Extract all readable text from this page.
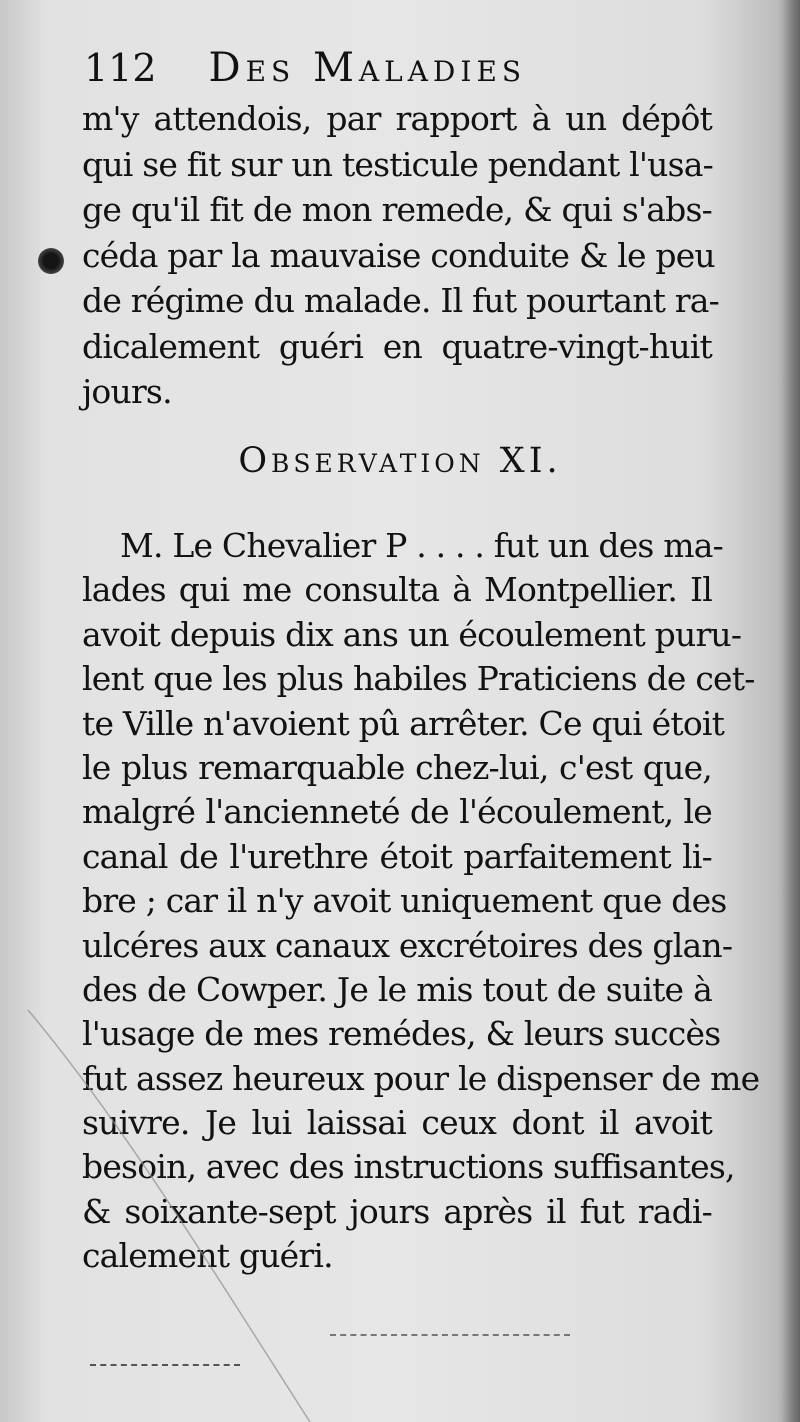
112 Des Maladies
m'y attendois, par rapport à un dépôt
qui se fit sur un testicule pendant l'usa-
ge qu'il fit de mon remede, & qui s'abs-
céda par la mauvaise conduite & le peu
de régime du malade. Il fut pourtant ra-
dicalement guéri en quatre-vingt-huit
jours.
Observation XI.
M. Le Chevalier P . . . . fut un des ma-
lades qui me consulta à Montpellier. Il
avoit depuis dix ans un écoulement puru-
lent que les plus habiles Praticiens de cet-
te Ville n'avoient pû arrêter. Ce qui étoit
le plus remarquable chez-lui, c'est que,
malgré l'ancienneté de l'écoulement, le
canal de l'urethre étoit parfaitement li-
bre ; car il n'y avoit uniquement que des
ulcéres aux canaux excrétoires des glan-
des de Cowper. Je le mis tout de suite à
l'usage de mes remédes, & leurs succès
fut assez heureux pour le dispenser de me
suivre. Je lui laissai ceux dont il avoit
besoin, avec des instructions suffisantes,
& soixante-sept jours après il fut radi-
calement guéri.
